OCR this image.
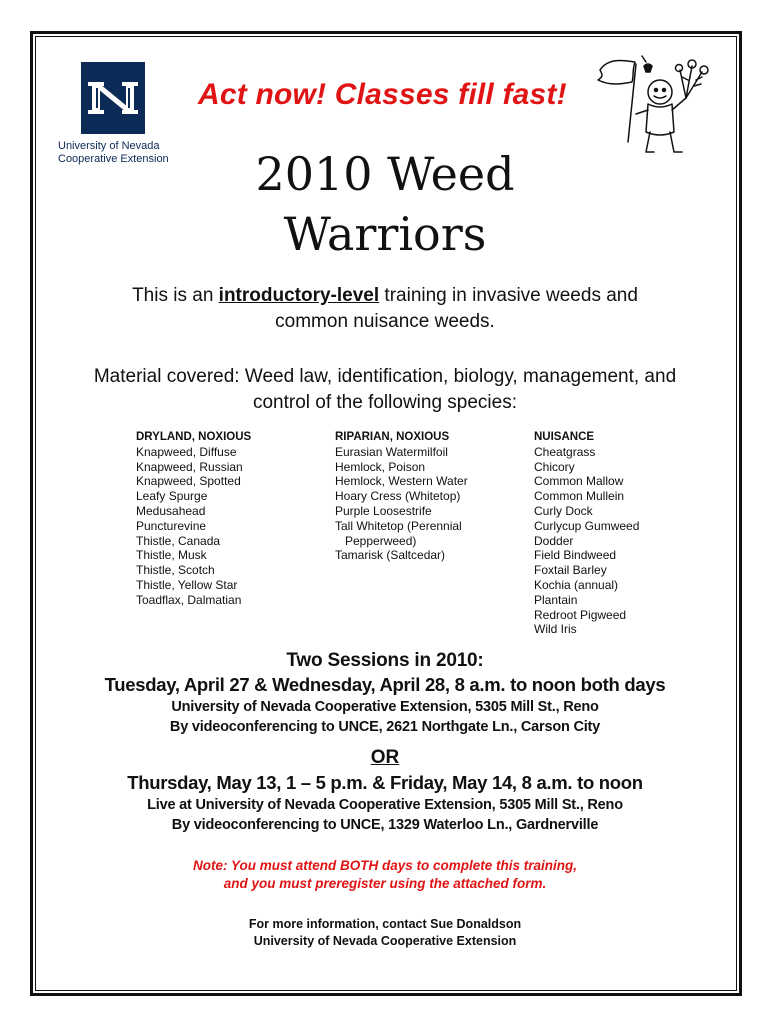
University of Nevada
Cooperative Extension
Act now! Classes fill fast!
2010 Weed
Warriors
This is an introductory-level training in invasive weeds and
common nuisance weeds.
Material covered: Weed law, identification, biology, management, and
control of the following species:
DRYLAND, NOXIOUS
Knapweed, Diffuse
Knapweed, Russian
Knapweed, Spotted
Leafy Spurge
Medusahead
Puncturevine
Thistle, Canada
Thistle, Musk
Thistle, Scotch
Thistle, Yellow Star
Toadflax, Dalmatian
RIPARIAN, NOXIOUS
Eurasian Watermilfoil
Hemlock, Poison
Hemlock, Western Water
Hoary Cress (Whitetop)
Purple Loosestrife
Tall Whitetop (Perennial
Pepperweed)
Tamarisk (Saltcedar)
NUISANCE
Cheatgrass
Chicory
Common Mallow
Common Mullein
Curly Dock
Curlycup Gumweed
Dodder
Field Bindweed
Foxtail Barley
Kochia (annual)
Plantain
Redroot Pigweed
Wild Iris
Two Sessions in 2010:
Tuesday, April 27 & Wednesday, April 28, 8 a.m. to noon both days
University of Nevada Cooperative Extension, 5305 Mill St., Reno
By videoconferencing to UNCE, 2621 Northgate Ln., Carson City
OR
Thursday, May 13, 1 – 5 p.m. & Friday, May 14, 8 a.m. to noon
Live at University of Nevada Cooperative Extension, 5305 Mill St., Reno
By videoconferencing to UNCE, 1329 Waterloo Ln., Gardnerville
Note: You must attend BOTH days to complete this training,
and you must preregister using the attached form.
For more information, contact Sue Donaldson
University of Nevada Cooperative Extension
